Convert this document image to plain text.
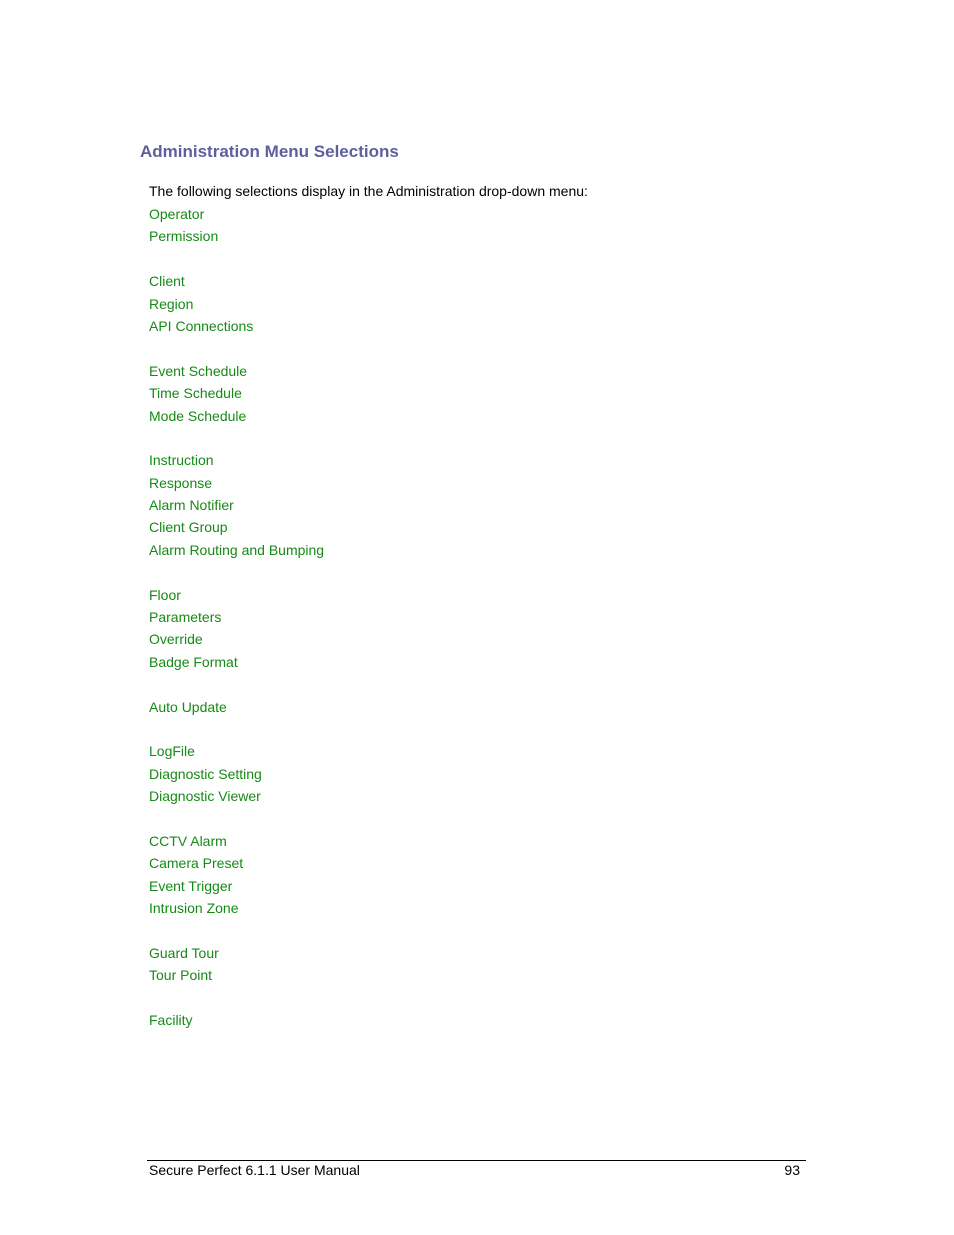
Administration Menu Selections

The following selections display in the Administration drop-down menu:

Operator
Permission
Client
Region
API Connections
Event Schedule
Time Schedule
Mode Schedule
Instruction
Response
Alarm Notifier
Client Group
Alarm Routing and Bumping
Floor
Parameters
Override
Badge Format
Auto Update
LogFile
Diagnostic Setting
Diagnostic Viewer
CCTV Alarm
Camera Preset
Event Trigger
Intrusion Zone
Guard Tour
Tour Point
Facility
Secure Perfect 6.1.1 User Manual	93
